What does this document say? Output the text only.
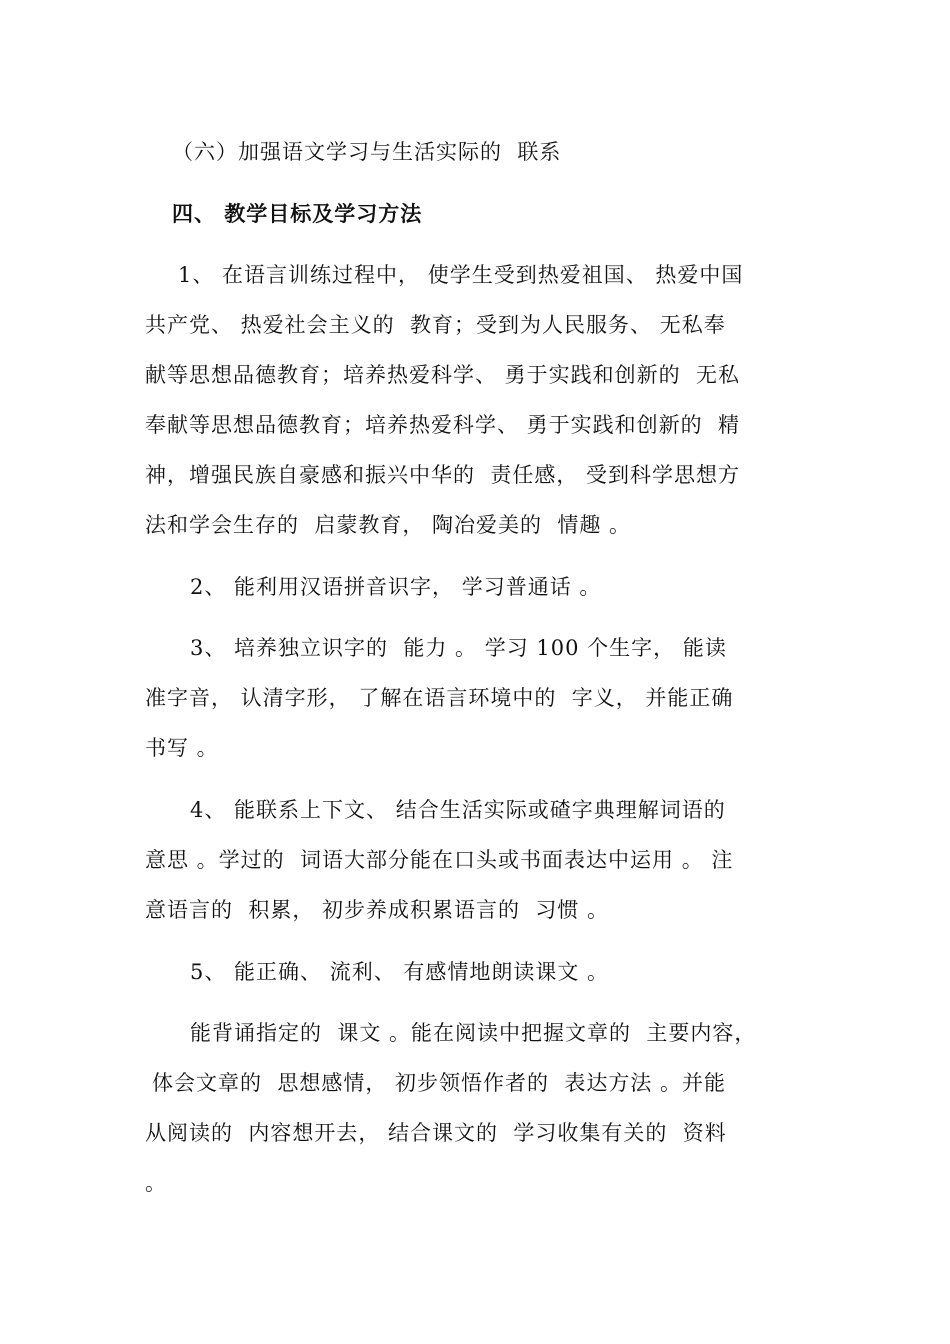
（六）加强语文学习与生活实际的  联系
四、 教学目标及学习方法
1、 在语言训练过程中， 使学生受到热爱祖国、 热爱中国
共产党、 热爱社会主义的  教育；受到为人民服务、 无私奉
献等思想品德教育；培养热爱科学、 勇于实践和创新的  无私
奉献等思想品德教育；培养热爱科学、 勇于实践和创新的  精
神，增强民族自豪感和振兴中华的  责任感， 受到科学思想方
法和学会生存的  启蒙教育， 陶冶爱美的  情趣 。
2、 能利用汉语拼音识字， 学习普通话 。
3、 培养独立识字的  能力 。 学习 100 个生字， 能读
准字音， 认清字形， 了解在语言环境中的  字义， 并能正确
书写 。
4、 能联系上下文、 结合生活实际或碴字典理解词语的
意思 。学过的  词语大部分能在口头或书面表达中运用 。 注
意语言的  积累， 初步养成积累语言的  习惯 。
5、 能正确、 流利、 有感情地朗读课文 。
能背诵指定的  课文 。能在阅读中把握文章的  主要内容，
体会文章的  思想感情， 初步领悟作者的  表达方法 。并能
从阅读的  内容想开去， 结合课文的  学习收集有关的  资料
。
